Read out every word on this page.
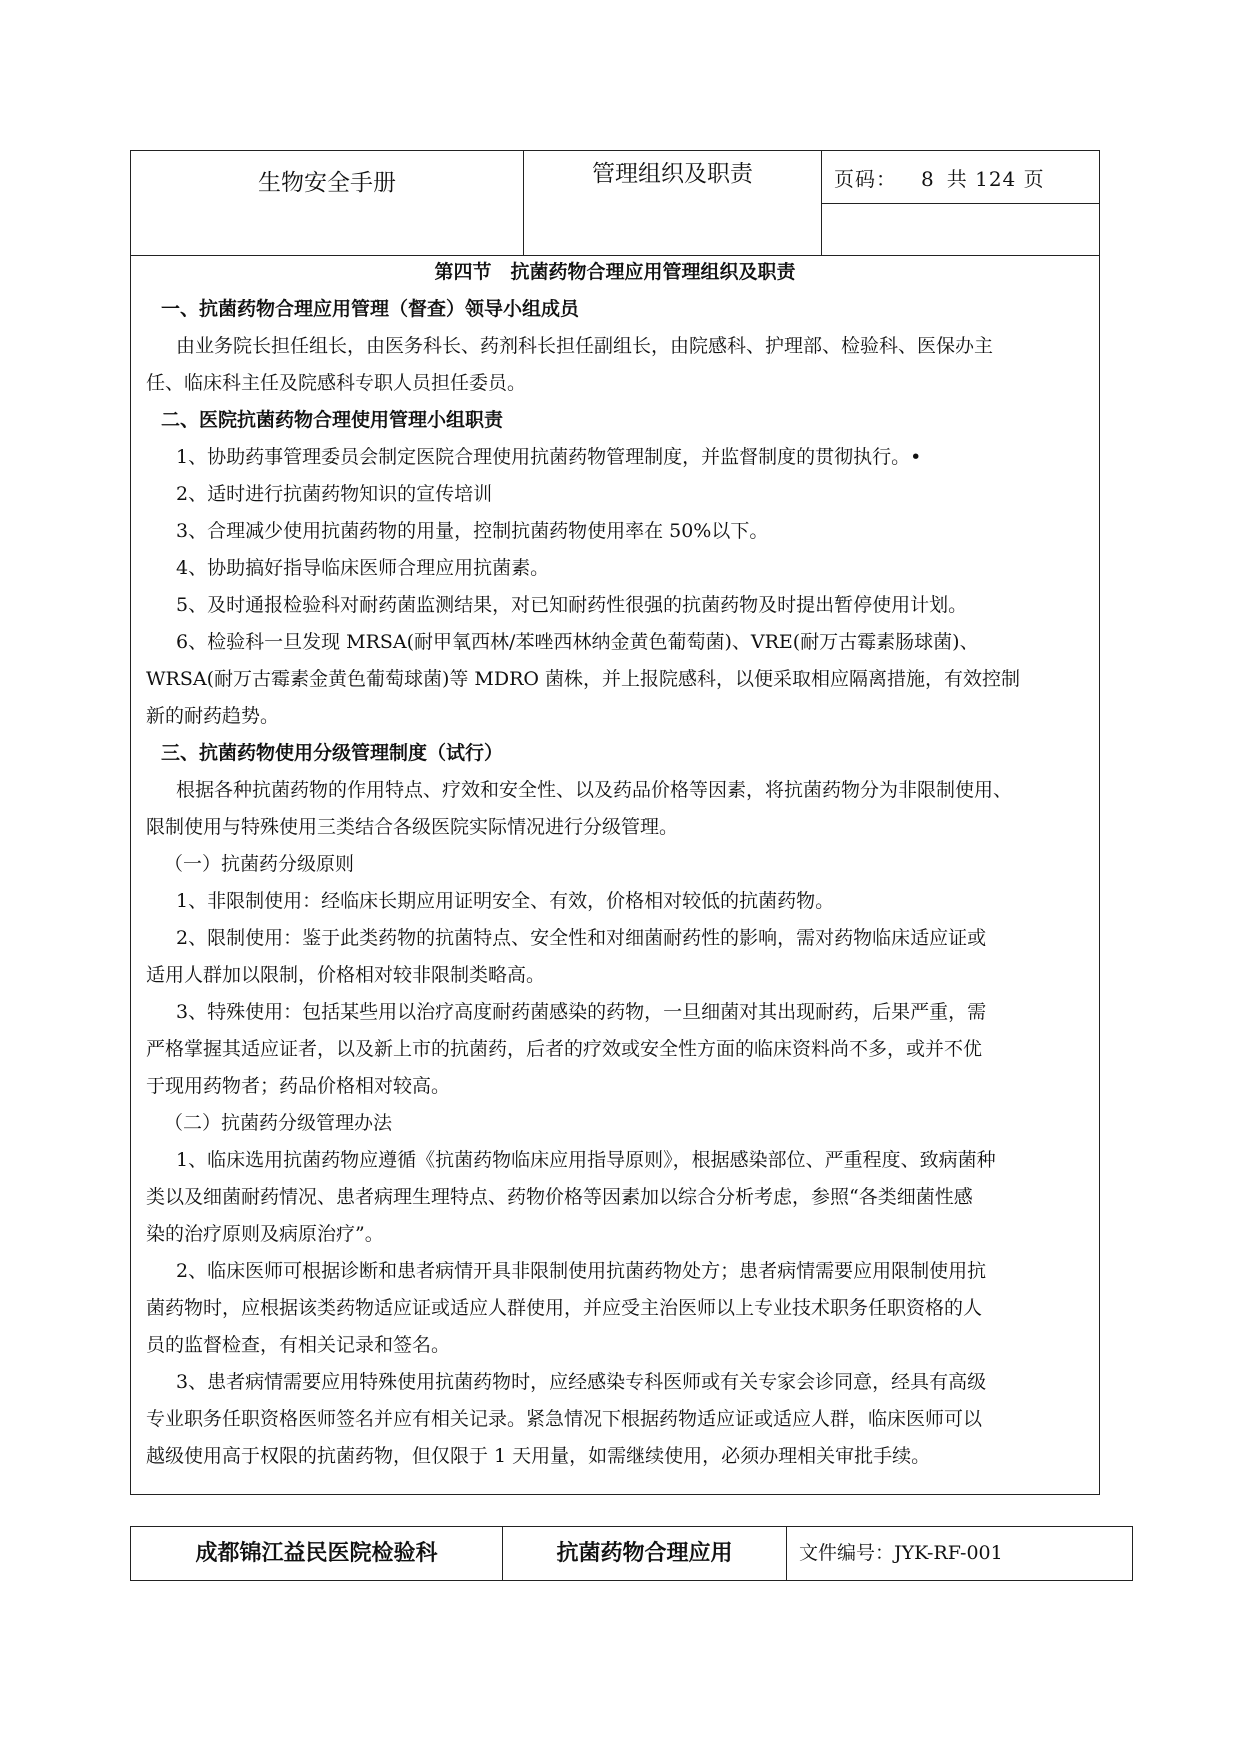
生物安全手册	管理组织及职责	页码： 8 共 124 页

第四节　抗菌药物合理应用管理组织及职责

一、抗菌药物合理应用管理（督查）领导小组成员

由业务院长担任组长，由医务科长、药剂科长担任副组长，由院感科、护理部、检验科、医保办主
任、临床科主任及院感科专职人员担任委员。

二、医院抗菌药物合理使用管理小组职责

1、协助药事管理委员会制定医院合理使用抗菌药物管理制度，并监督制度的贯彻执行。•
2、适时进行抗菌药物知识的宣传培训
3、合理减少使用抗菌药物的用量，控制抗菌药物使用率在 50%以下。
4、协助搞好指导临床医师合理应用抗菌素。
5、及时通报检验科对耐药菌监测结果，对已知耐药性很强的抗菌药物及时提出暂停使用计划。
6、检验科一旦发现 MRSA(耐甲氧西林/苯唑西林纳金黄色葡萄菌)、VRE(耐万古霉素肠球菌)、
WRSA(耐万古霉素金黄色葡萄球菌)等 MDRO 菌株，并上报院感科，以便采取相应隔离措施，有效控制
新的耐药趋势。

三、抗菌药物使用分级管理制度（试行）

根据各种抗菌药物的作用特点、疗效和安全性、以及药品价格等因素，将抗菌药物分为非限制使用、
限制使用与特殊使用三类结合各级医院实际情况进行分级管理。
（一）抗菌药分级原则
1、非限制使用：经临床长期应用证明安全、有效，价格相对较低的抗菌药物。
2、限制使用：鉴于此类药物的抗菌特点、安全性和对细菌耐药性的影响，需对药物临床适应证或
适用人群加以限制，价格相对较非限制类略高。
3、特殊使用：包括某些用以治疗高度耐药菌感染的药物，一旦细菌对其出现耐药，后果严重，需
严格掌握其适应证者，以及新上市的抗菌药，后者的疗效或安全性方面的临床资料尚不多，或并不优
于现用药物者；药品价格相对较高。
（二）抗菌药分级管理办法
1、临床选用抗菌药物应遵循《抗菌药物临床应用指导原则》，根据感染部位、严重程度、致病菌种
类以及细菌耐药情况、患者病理生理特点、药物价格等因素加以综合分析考虑，参照“各类细菌性感
染的治疗原则及病原治疗”。
2、临床医师可根据诊断和患者病情开具非限制使用抗菌药物处方；患者病情需要应用限制使用抗
菌药物时，应根据该类药物适应证或适应人群使用，并应受主治医师以上专业技术职务任职资格的人
员的监督检查，有相关记录和签名。
3、患者病情需要应用特殊使用抗菌药物时，应经感染专科医师或有关专家会诊同意，经具有高级
专业职务任职资格医师签名并应有相关记录。紧急情况下根据药物适应证或适应人群，临床医师可以
越级使用高于权限的抗菌药物，但仅限于 1 天用量，如需继续使用，必须办理相关审批手续。

成都锦江益民医院检验科	抗菌药物合理应用	文件编号：JYK-RF-001
